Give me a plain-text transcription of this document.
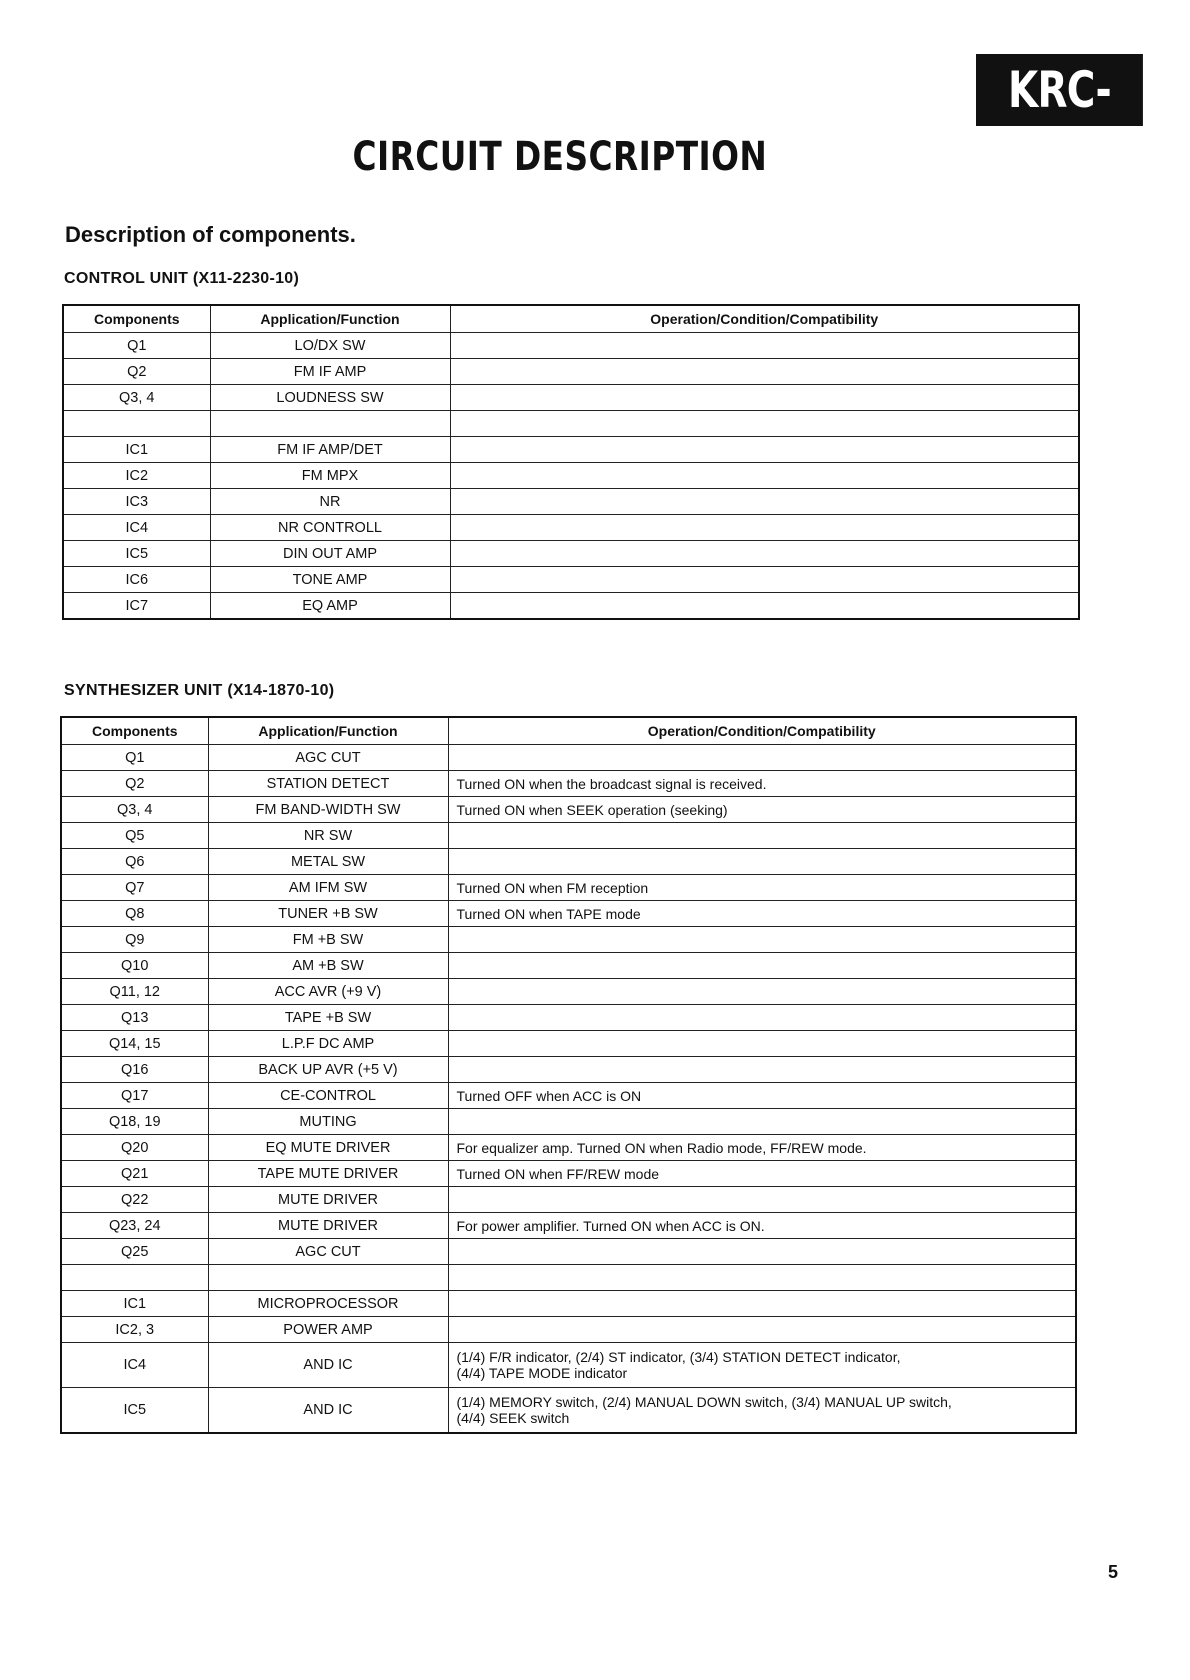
KRC-2001
CIRCUIT DESCRIPTION
Description of components.
CONTROL UNIT (X11-2230-10)
Components	Application/Function	Operation/Condition/Compatibility
Q1	LO/DX SW	
Q2	FM IF AMP	
Q3, 4	LOUDNESS SW	

IC1	FM IF AMP/DET	
IC2	FM MPX	
IC3	NR	
IC4	NR CONTROLL	
IC5	DIN OUT AMP	
IC6	TONE AMP	
IC7	EQ AMP	
SYNTHESIZER UNIT (X14-1870-10)
Components	Application/Function	Operation/Condition/Compatibility
Q1	AGC CUT	
Q2	STATION DETECT	Turned ON when the broadcast signal is received.
Q3, 4	FM BAND-WIDTH SW	Turned ON when SEEK operation (seeking)
Q5	NR SW	
Q6	METAL SW	
Q7	AM IFM SW	Turned ON when FM reception
Q8	TUNER +B SW	Turned ON when TAPE mode
Q9	FM +B SW	
Q10	AM +B SW	
Q11, 12	ACC AVR (+9 V)	
Q13	TAPE +B SW	
Q14, 15	L.P.F DC AMP	
Q16	BACK UP AVR (+5 V)	
Q17	CE-CONTROL	Turned OFF when ACC is ON
Q18, 19	MUTING	
Q20	EQ MUTE DRIVER	For equalizer amp. Turned ON when Radio mode, FF/REW mode.
Q21	TAPE MUTE DRIVER	Turned ON when FF/REW mode
Q22	MUTE DRIVER	
Q23, 24	MUTE DRIVER	For power amplifier. Turned ON when ACC is ON.
Q25	AGC CUT	

IC1	MICROPROCESSOR	
IC2, 3	POWER AMP	
IC4	AND IC	(1/4) F/R indicator, (2/4) ST indicator, (3/4) STATION DETECT indicator,
(4/4) TAPE MODE indicator

IC5	AND IC	(1/4) MEMORY switch, (2/4) MANUAL DOWN switch, (3/4) MANUAL UP switch,
(4/4) SEEK switch
5
